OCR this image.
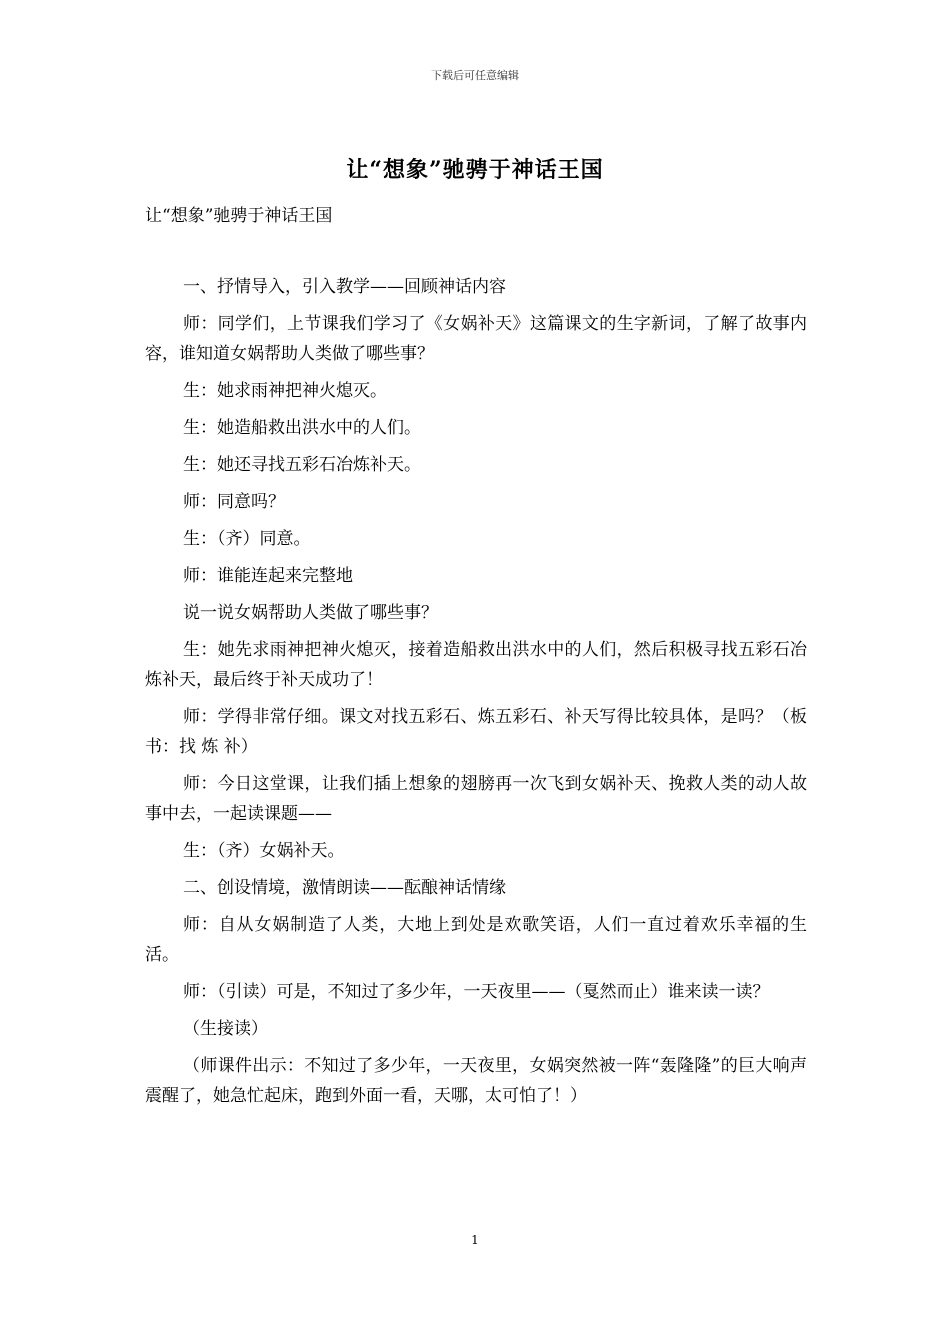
下载后可任意编辑
让“想象”驰骋于神话王国
让“想象”驰骋于神话王国

一、抒情导入，引入教学——回顾神话内容

师：同学们，上节课我们学习了《女娲补天》这篇课文的生字新词，了解了故事内容，谁知道女娲帮助人类做了哪些事？

生：她求雨神把神火熄灭。

生：她造船救出洪水中的人们。

生：她还寻找五彩石冶炼补天。

师：同意吗？

生：（齐）同意。

师：谁能连起来完整地

说一说女娲帮助人类做了哪些事？

生：她先求雨神把神火熄灭，接着造船救出洪水中的人们，然后积极寻找五彩石冶炼补天，最后终于补天成功了！

师：学得非常仔细。课文对找五彩石、炼五彩石、补天写得比较具体，是吗？（板书：找 炼 补）

师：今日这堂课，让我们插上想象的翅膀再一次飞到女娲补天、挽救人类的动人故事中去，一起读课题——

生：（齐）女娲补天。

二、创设情境，激情朗读——酝酿神话情缘

师：自从女娲制造了人类，大地上到处是欢歌笑语，人们一直过着欢乐幸福的生活。

师：（引读）可是，不知过了多少年，一天夜里——（戛然而止）谁来读一读？

（生接读）

（师课件出示：不知过了多少年，一天夜里，女娲突然被一阵“轰隆隆”的巨大响声震醒了，她急忙起床，跑到外面一看，天哪，太可怕了！）

1
